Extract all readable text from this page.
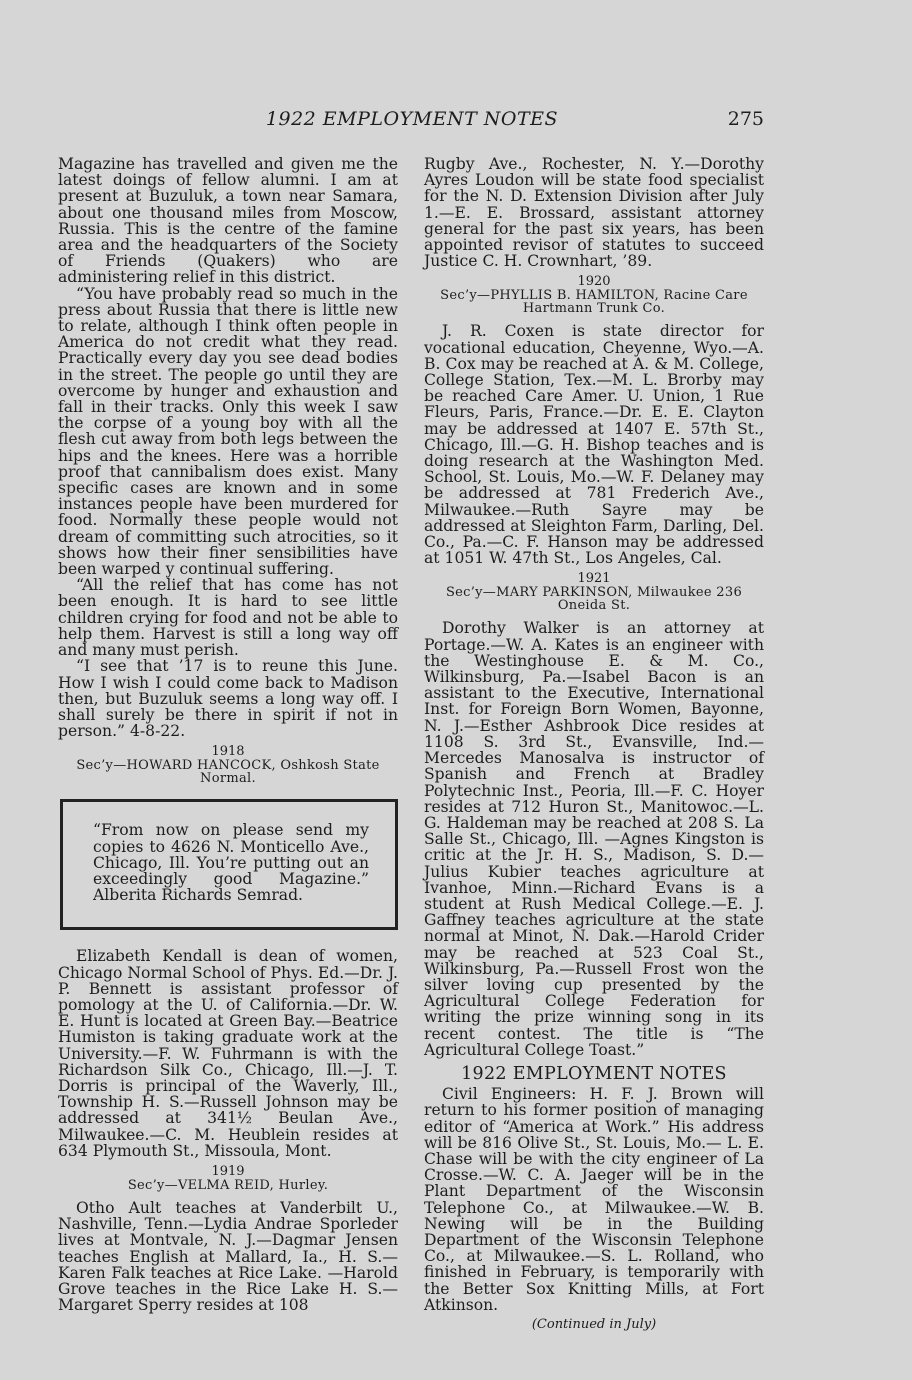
1922 EMPLOYMENT NOTES	275

Magazine has travelled and given me the latest doings of fellow alumni. I am at present at Buzuluk, a town near Samara, about one thousand miles from Moscow, Russia. This is the centre of the famine area and the headquarters of the Society of Friends (Quakers) who are administering relief in this district.

“You have probably read so much in the press about Russia that there is little new to relate, although I think often people in America do not credit what they read. Practically every day you see dead bodies in the street. The people go until they are overcome by hunger and exhaustion and fall in their tracks. Only this week I saw the corpse of a young boy with all the flesh cut away from both legs between the hips and the knees. Here was a horrible proof that cannibalism does exist. Many specific cases are known and in some instances people have been murdered for food. Normally these people would not dream of committing such atrocities, so it shows how their finer sensibilities have been warped y continual suffering.

“All the relief that has come has not been enough. It is hard to see little children crying for food and not be able to help them. Harvest is still a long way off and many must perish.

“I see that ’17 is to reune this June. How I wish I could come back to Madison then, but Buzuluk seems a long way off. I shall surely be there in spirit if not in person.” 4-8-22.

1918
Sec’y—HOWARD HANCOCK, Oshkosh State Normal.

“From now on please send my copies to 4626 N. Monticello Ave., Chicago, Ill. You’re putting out an exceedingly good Magazine.” Alberita Richards Semrad.

Elizabeth Kendall is dean of women, Chicago Normal School of Phys. Ed.—Dr. J. P. Bennett is assistant professor of pomology at the U. of California.—Dr. W. E. Hunt is located at Green Bay.—Beatrice Humiston is taking graduate work at the University.—F. W. Fuhrmann is with the Richardson Silk Co., Chicago, Ill.—J. T. Dorris is principal of the Waverly, Ill., Township H. S.—Russell Johnson may be addressed at 341½ Beulan Ave., Milwaukee.—C. M. Heublein resides at 634 Plymouth St., Missoula, Mont.

1919
Sec’y—VELMA REID, Hurley.

Otho Ault teaches at Vanderbilt U., Nashville, Tenn.—Lydia Andrae Sporleder lives at Montvale, N. J.—Dagmar Jensen teaches English at Mallard, Ia., H. S.—Karen Falk teaches at Rice Lake. —Harold Grove teaches in the Rice Lake H. S.—Margaret Sperry resides at 108

Rugby Ave., Rochester, N. Y.—Dorothy Ayres Loudon will be state food specialist for the N. D. Extension Division after July 1.—E. E. Brossard, assistant attorney general for the past six years, has been appointed revisor of statutes to succeed Justice C. H. Crownhart, ’89.

1920
Sec’y—PHYLLIS B. HAMILTON, Racine Care Hartmann Trunk Co.

J. R. Coxen is state director for vocational education, Cheyenne, Wyo.—A. B. Cox may be reached at A. & M. College, College Station, Tex.—M. L. Brorby may be reached Care Amer. U. Union, 1 Rue Fleurs, Paris, France.—Dr. E. E. Clayton may be addressed at 1407 E. 57th St., Chicago, Ill.—G. H. Bishop teaches and is doing research at the Washington Med. School, St. Louis, Mo.—W. F. Delaney may be addressed at 781 Frederich Ave., Milwaukee.—Ruth Sayre may be addressed at Sleighton Farm, Darling, Del. Co., Pa.—C. F. Hanson may be addressed at 1051 W. 47th St., Los Angeles, Cal.

1921
Sec’y—MARY PARKINSON, Milwaukee 236 Oneida St.

Dorothy Walker is an attorney at Portage.—W. A. Kates is an engineer with the Westinghouse E. & M. Co., Wilkinsburg, Pa.—Isabel Bacon is an assistant to the Executive, International Inst. for Foreign Born Women, Bayonne, N. J.—Esther Ashbrook Dice resides at 1108 S. 3rd St., Evansville, Ind.—Mercedes Manosalva is instructor of Spanish and French at Bradley Polytechnic Inst., Peoria, Ill.—F. C. Hoyer resides at 712 Huron St., Manitowoc.—L. G. Haldeman may be reached at 208 S. La Salle St., Chicago, Ill. —Agnes Kingston is critic at the Jr. H. S., Madison, S. D.—Julius Kubier teaches agriculture at Ivanhoe, Minn.—Richard Evans is a student at Rush Medical College.—E. J. Gaffney teaches agriculture at the state normal at Minot, N. Dak.—Harold Crider may be reached at 523 Coal St., Wilkinsburg, Pa.—Russell Frost won the silver loving cup presented by the Agricultural College Federation for writing the prize winning song in its recent contest. The title is “The Agricultural College Toast.”

1922 EMPLOYMENT NOTES

Civil Engineers: H. F. J. Brown will return to his former position of managing editor of “America at Work.” His address will be 816 Olive St., St. Louis, Mo.— L. E. Chase will be with the city engineer of La Crosse.—W. C. A. Jaeger will be in the Plant Department of the Wisconsin Telephone Co., at Milwaukee.—W. B. Newing will be in the Building Department of the Wisconsin Telephone Co., at Milwaukee.—S. L. Rolland, who finished in February, is temporarily with the Better Sox Knitting Mills, at Fort Atkinson.

(Continued in July)
